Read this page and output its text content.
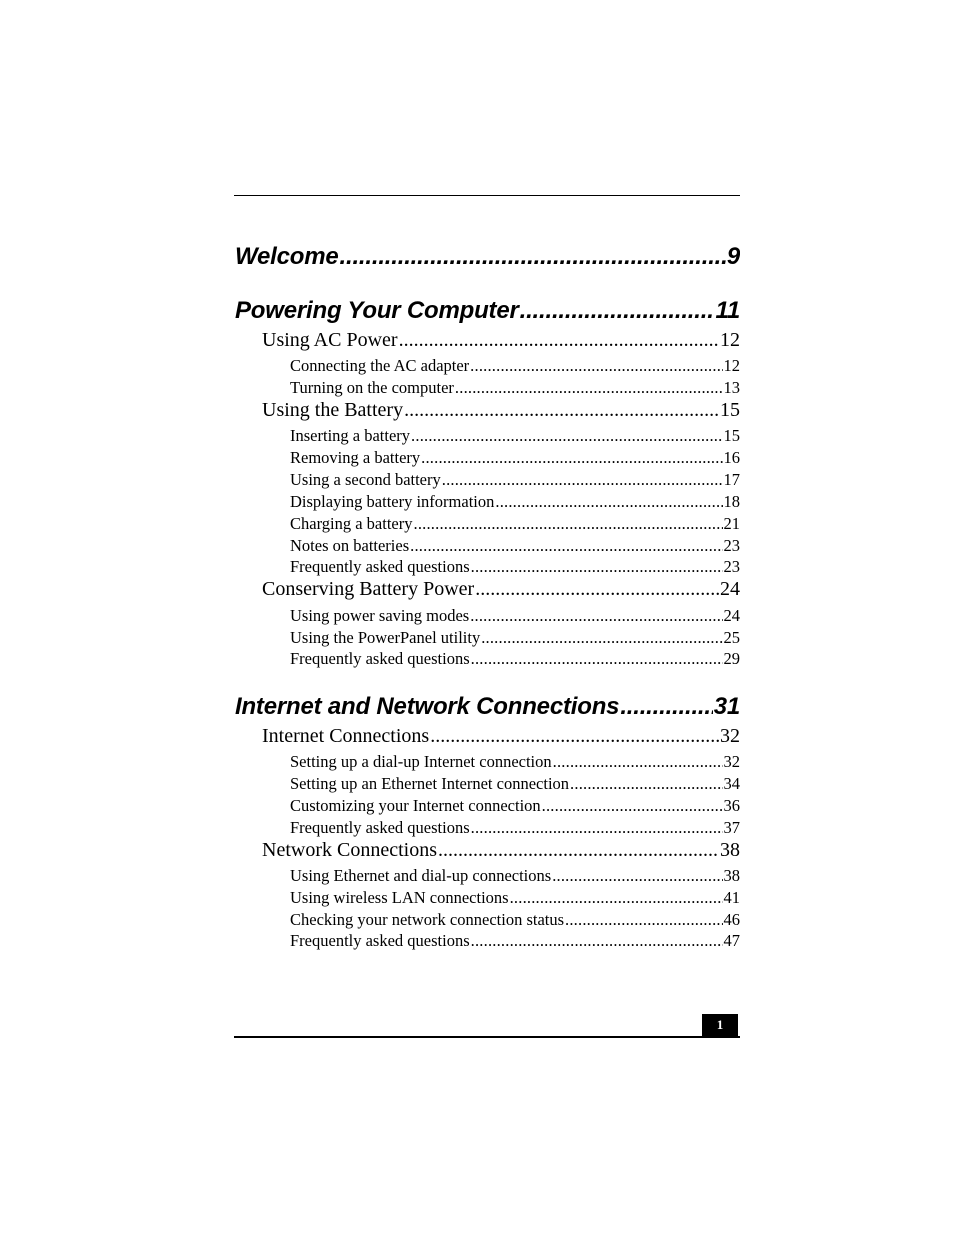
Welcome .....	9
Powering Your Computer .....	11
Using AC Power .....	12
Connecting the AC adapter .....	12
Turning on the computer .....	13
Using the Battery .....	15
Inserting a battery .....	15
Removing a battery .....	16
Using a second battery .....	17
Displaying battery information .....	18
Charging a battery .....	21
Notes on batteries .....	23
Frequently asked questions .....	23
Conserving Battery Power .....	24
Using power saving modes .....	24
Using the PowerPanel utility .....	25
Frequently asked questions .....	29
Internet and Network Connections .....	31
Internet Connections .....	32
Setting up a dial-up Internet connection .....	32
Setting up an Ethernet Internet connection .....	34
Customizing your Internet connection .....	36
Frequently asked questions .....	37
Network Connections .....	38
Using Ethernet and dial-up connections .....	38
Using wireless LAN connections .....	41
Checking your network connection status .....	46
Frequently asked questions .....	47
1
